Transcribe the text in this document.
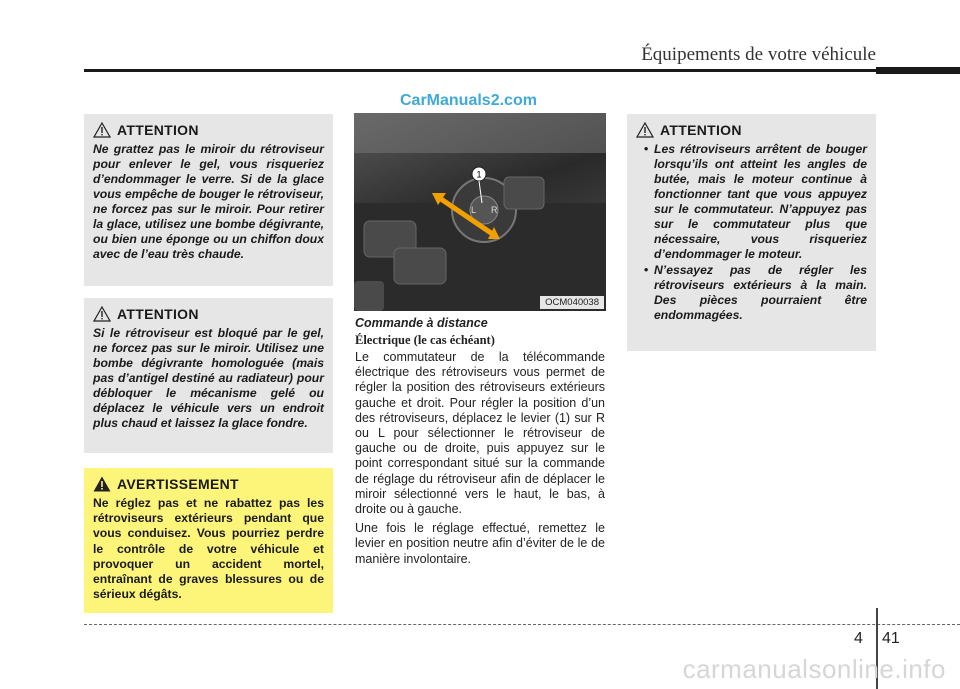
Équipements de votre véhicule
CarManuals2.com
ATTENTION
Ne grattez pas le miroir du rétroviseur pour enlever le gel, vous risqueriez d’endommager le verre. Si de la glace vous empêche de bouger le rétroviseur, ne forcez pas sur le miroir. Pour retirer la glace, utilisez une bombe dégivrante, ou bien une éponge ou un chiffon doux avec de l’eau très chaude.
ATTENTION
Si le rétroviseur est bloqué par le gel, ne forcez pas sur le miroir. Utilisez une bombe dégivrante homologuée (mais pas d’antigel destiné au radiateur) pour débloquer le mécanisme gelé ou déplacez le véhicule vers un endroit plus chaud et laissez la glace fondre.
AVERTISSEMENT
Ne réglez pas et ne rabattez pas les rétroviseurs extérieurs pendant que vous conduisez. Vous pourriez perdre le contrôle de votre véhicule et provoquer un accident mortel, entraînant de graves blessures ou de sérieux dégâts.
1
L R
OCM040038
Commande à distance
Électrique (le cas échéant)

Le commutateur de la télécommande électrique des rétroviseurs vous permet de régler la position des rétroviseurs extérieurs gauche et droit. Pour régler la position d’un des rétroviseurs, déplacez le levier (1) sur R ou L pour sélectionner le rétroviseur de gauche ou de droite, puis appuyez sur le point correspondant situé sur la commande de réglage du rétroviseur afin de déplacer le miroir sélectionné vers le haut, le bas, à droite ou à gauche.

Une fois le réglage effectué, remettez le levier en position neutre afin d’éviter de le de manière involontaire.

ATTENTION
• Les rétroviseurs arrêtent de bouger lorsqu’ils ont atteint les angles de butée, mais le moteur continue à fonctionner tant que vous appuyez sur le commutateur. N’appuyez pas sur le commutateur plus que nécessaire, vous risqueriez d’endommager le moteur.
• N’essayez pas de régler les rétroviseurs extérieurs à la main. Des pièces pourraient être endommagées.
4 41
carmanualsonline.info
